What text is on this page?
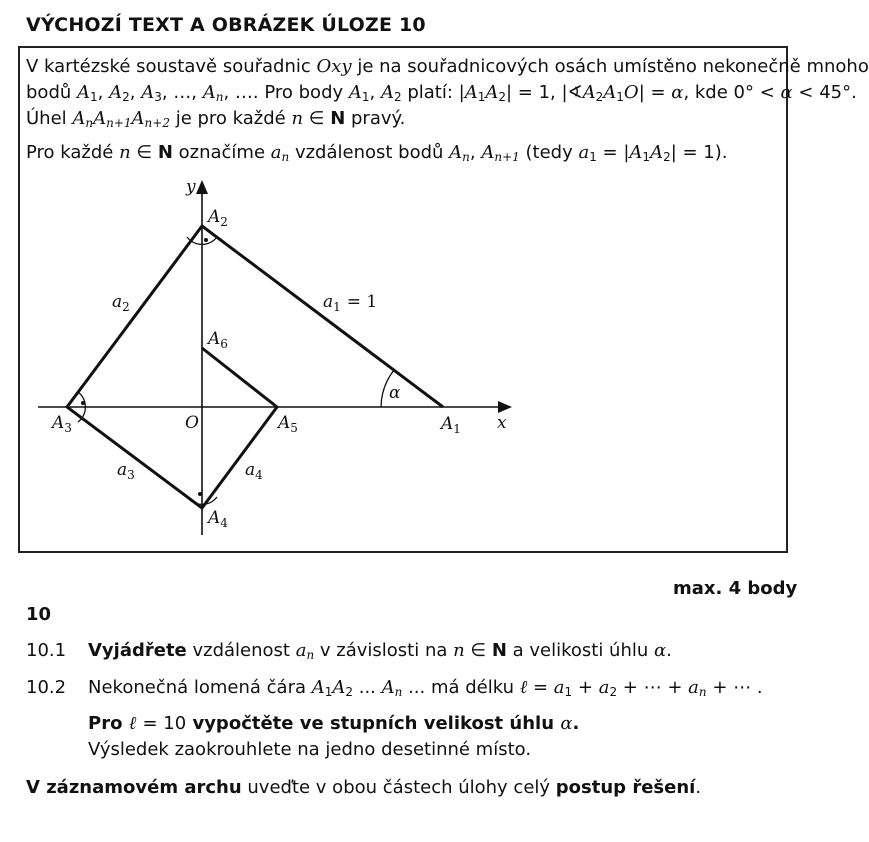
VÝCHOZÍ TEXT A OBRÁZEK ÚLOZE 10
V kartézské soustavě souřadnic Oxy je na souřadnicových osách umístěno nekonečně mnoho
bodů $A_1$, $A_2$, $A_3$, …, $A_n$, …. Pro body $A_1$, $A_2$ platí: $|A_1A_2| = 1$, $|∢A_2A_1O| = \alpha$, kde 0° < α < 45°.
Úhel $A_nA_{n+1}A_{n+2}$ je pro každé n ∈ N pravý.
Pro každé n ∈ N označíme $a_n$ vzdálenost bodů $A_n$, $A_{n+1}$ (tedy $a_1 = |A_1A_2| = 1$).
y
x
O
α
$A_1$
$A_2$
$A_3$
$A_4$
$A_5$
$A_6$
$a_1 = 1$
$a_2$
$a_3$	$a_4$
max. 4 body
10
10.1 Vyjádřete vzdálenost $a_n$ v závislosti na n ∈ N a velikosti úhlu α.
10.2 Nekonečná lomená čára $A_1A_2$ ... $A_n$ ... má délku ℓ = $a_1 + a_2$ + ⋯ + $a_n$ + ⋯ .
Pro ℓ = 10 vypočtěte ve stupních velikost úhlu α.
Výsledek zaokrouhlete na jedno desetinné místo.
V záznamovém archu uveďte v obou částech úlohy celý postup řešení.
